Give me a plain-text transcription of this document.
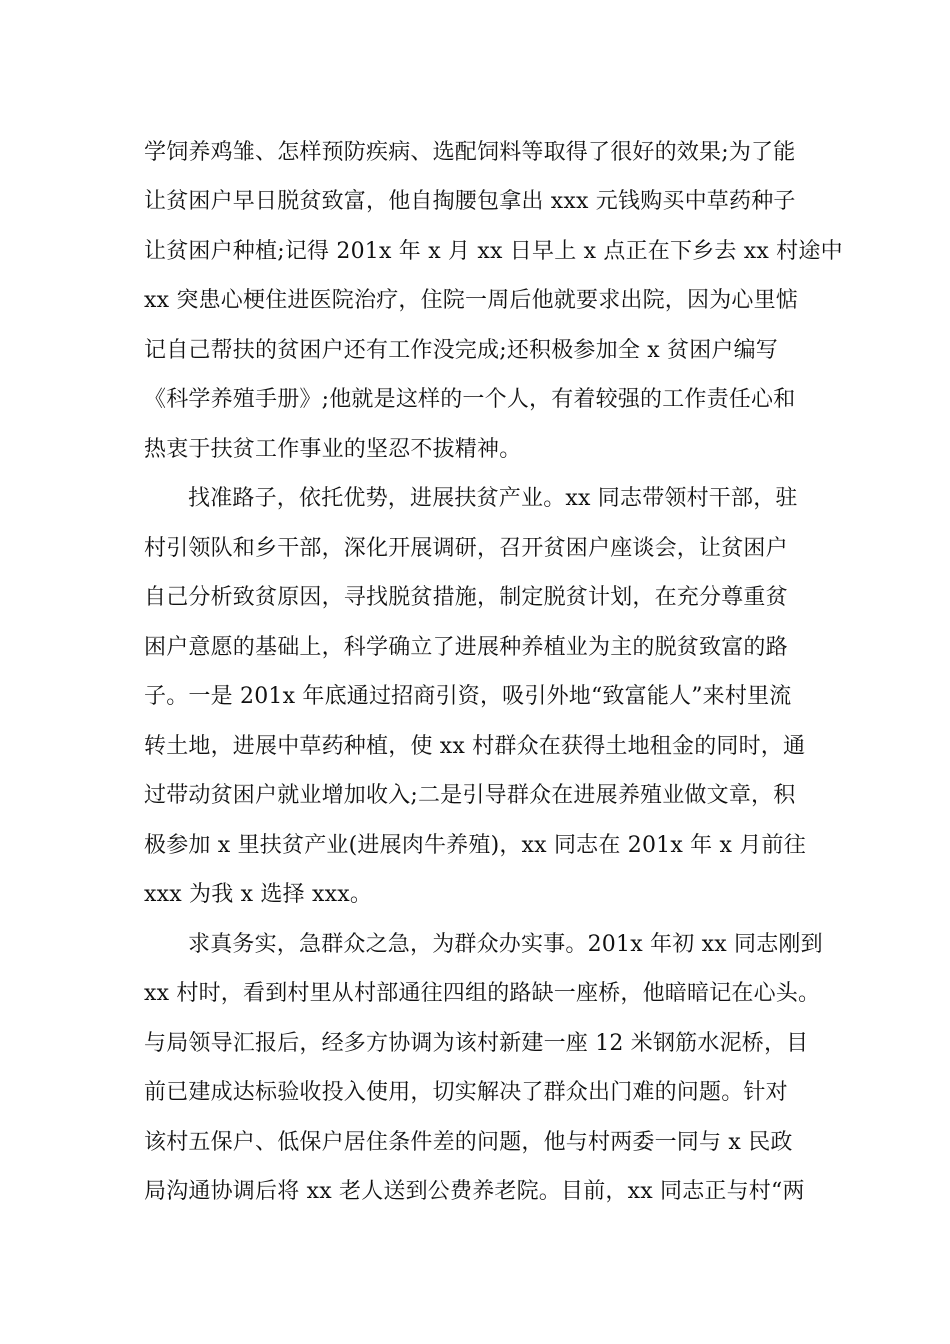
学饲养鸡雏、怎样预防疾病、选配饲料等取得了很好的效果;为了能
让贫困户早日脱贫致富，他自掏腰包拿出 xxx 元钱购买中草药种子
让贫困户种植;记得 201x 年 x 月 xx 日早上 x 点正在下乡去 xx 村途中
xx 突患心梗住进医院治疗，住院一周后他就要求出院，因为心里惦
记自己帮扶的贫困户还有工作没完成;还积极参加全 x 贫困户编写
《科学养殖手册》;他就是这样的一个人，有着较强的工作责任心和
热衷于扶贫工作事业的坚忍不拔精神。
找准路子，依托优势，进展扶贫产业。xx 同志带领村干部，驻
村引领队和乡干部，深化开展调研，召开贫困户座谈会，让贫困户
自己分析致贫原因，寻找脱贫措施，制定脱贫计划，在充分尊重贫
困户意愿的基础上，科学确立了进展种养植业为主的脱贫致富的路
子。一是 201x 年底通过招商引资，吸引外地“致富能人”来村里流
转土地，进展中草药种植，使 xx 村群众在获得土地租金的同时，通
过带动贫困户就业增加收入;二是引导群众在进展养殖业做文章，积
极参加 x 里扶贫产业(进展肉牛养殖)，xx 同志在 201x 年 x 月前往
xxx 为我 x 选择 xxx。
求真务实，急群众之急，为群众办实事。201x 年初 xx 同志刚到
xx 村时，看到村里从村部通往四组的路缺一座桥，他暗暗记在心头。
与局领导汇报后，经多方协调为该村新建一座 12 米钢筋水泥桥，目
前已建成达标验收投入使用，切实解决了群众出门难的问题。针对
该村五保户、低保户居住条件差的问题，他与村两委一同与 x 民政
局沟通协调后将 xx 老人送到公费养老院。目前，xx 同志正与村“两
